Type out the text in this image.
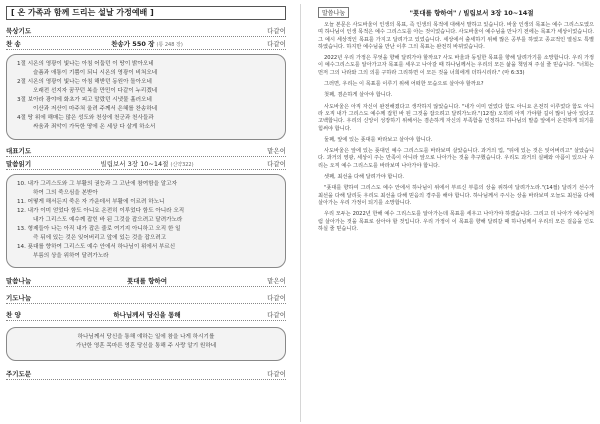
[ 온 가족과 함께 드리는 설날 가정예배 ]
묵상기도	다같이
찬 송	찬송가 550 장 (통 248 장)	다같이
1절 시온의 영광이 빛나는 아침 어둡던 이 땅이 밝아오네
슬픔과 애통이 기쁨이 되니 시온의 영광이 비쳐오네
2절 시온의 영광이 빛나는 아침 해받던 동원아 돌아오네
오래전 선지자 꿈꾸던 복을 만민이 다같이 누리겠네
3절 보아라 광야에 화초가 피고 말랐던 시냇물 흘러오네
이산과 저산이 마주쳐 울려 주께서 은혜를 찬송하네
4절 땅 위에 해매는 많은 성도와 천상에 천군과 천사들과
싸움과 죄악이 가득한 땅에 온 세상 다 살게 하소서
대표기도	맡은이
말씀읽기	빌립보서 3장 10~14절 (신약322)	다같이
10. 내가 그리스도와 그 부활의 권능과 그 고난에 참여함을 알고자
하여 그의 죽으심을 본받아
11. 어떻게 해서든지 죽은 자 가운데서 부활에 이르려 하노니
12. 내가 이미 얻었다 함도 아니요 온전히 이루었다 함도 아니라 오직
내가 그리스도 예수께 잡힌 바 된 그것을 잡으려고 달려가노라
13. 형제들아 나는 아직 내가 잡은 줄로 여기지 아니하고 오직 한 일
즉 뒤에 있는 것은 잊어버리고 앞에 있는 것을 잡으려고
14. 푯대를 향하여 그리스도 예수 안에서 하나님이 위에서 부르신
부름의 상을 위하여 달려가노라
말씀나눔	푯대를 향하여	맡은이
기도나눔	다같이
찬 양	하나님께서 당신을 통해	다같이
하나님께서 당신을 통해 얘하는 일에 참을 나게 하시기를
가난한 영혼 목마른 영혼 당신을 통해 주 사랑 알기 원하네
주기도문	다같이
말씀나눔	"푯대를 향하여" / 빌립보서 3장 10~14절

오늘 본문은 사도바울이 인생의 목표, 즉 인생의 목적에 대해서 말하고 있습니다. 바울 인생의 목표는 예수 그리스도였으며 하나님이 인생 목적은 예수 그리스도를 아는 것이었습니다. 사도바울이 예수님을 만나기 전에는 목표가 세상이었습니다. 그 예시 세상적인 목표를 가지고 달려가고 있었습니다. 세상에서 출세하기 위해 많은 공부를 하였고 종교적인 열심도 특별하였습니다. 하지만 예수님을 만난 이후 그의 목표는 완전히 바뀌었습니다.

2022년 우리 가정은 무엇을 향해 달려가야 할까요? 사도 바울과 동일한 목표를 향해 달려가기를 소망합니다. 우리 가정이 예수그리스도를 알아가고자 목표를 세우고 나아갈 때 하나님께서는 우리의 모든 삶을 책임져 주실 줄 믿습니다. "너희는 먼저 그의 나라와 그의 의를 구하라 그리하면 이 모든 것을 너희에게 더하시리라." (마 6:33)

그러면, 우리는 이 목표를 이루기 위해 어떠한 모습으로 살아야 할까요?

첫째, 겸손하게 살아야 합니다.

사도바울은 아직 자신이 완전해졌다고 생각하지 않았습니다. "내가 이미 얻었다 함도 아니요 온전히 이루었다 함도 아니라 오직 내가 그리스도 예수께 잡힌 바 된 그것을 잡으려고 달려가노라."(12절) 오히려 아직 가야할 길이 많이 남아 있다고 고백합니다. 우리의 신앙이 성장하기 위해서는 겸손하게 자신의 부족함을 인정하고 하나님의 말씀 앞에서 온전하게 되기를 힘써야 합니다.

둘째, 앞에 있는 푯대를 바라보고 살아야 합니다.

사도바울은 앞에 있는 푯대인 예수 그리스도를 바라보며 살았습니다. 과거의 업, "뒤에 있는 것은 잊어버리고" 살았습니다. 과거의 영광, 세상이 주는 만족이 아니라 앞으로 나아가는 것을 추구했습니다. 우리도 과거의 실패와 아픔이 있으나 우리는 오직 예수 그리스도를 바라보며 나아가야 합니다.

셋째, 최선을 다해 달려가야 합니다.

"푯대를 향하여 그리스도 예수 안에서 하나님이 위에서 부르신 부름의 상을 위하여 달려가노라."(14절) 달리기 선수가 최선을 다해 달리듯 우리도 최선을 다해 믿음의 경주를 해야 합니다. 하나님께서 주시는 상을 바라보며 오늘도 최선을 다해 살아가는 우리 가정이 되기를 소망합니다.

우리 모두는 2022년 한해 예수 그리스도를 알아가는데 목표를 세우고 나아가야 하겠습니다. 그리고 더 나아가 예수님처럼 살아가는 것을 목표로 삼아야 할 것입니다. 우리 가정이 이 목표를 향해 달려갈 때 하나님께서 우리의 모든 걸음을 인도하실 줄 믿습니다.
